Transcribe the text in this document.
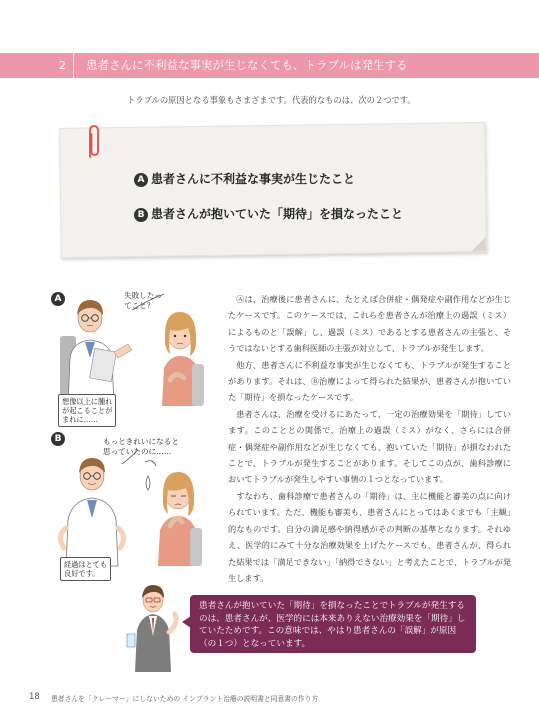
2	患者さんに不利益な事実が生じなくても、トラブルは発生する
トラブルの原因となる事象もさまざまです。代表的なものは、次の２つです。
A 患者さんに不利益な事実が生じたこと
B 患者さんが抱いていた「期待」を損なったこと
A	失敗したっ
てこと？
想像以上に腫れ
が起こることが
まれに……
B	もっときれいになると
思っていたのに……
経過はとても
良好です。

Ⓐは、治療後に患者さんに、たとえば合併症・偶発症や副作用などが生じたケースです。このケースでは、これらを患者さんが治療上の過誤（ミス）によるものと「誤解」し、過誤（ミス）であるとする患者さんの主張と、そうではないとする歯科医師の主張が対立して、トラブルが発生します。

他方、患者さんに不利益な事実が生じなくても、トラブルが発生することがあります。それは、Ⓑ治療によって得られた結果が、患者さんが抱いていた「期待」を損なったケースです。

患者さんは、治療を受けるにあたって、一定の治療効果を「期待」しています。このこととの関係で、治療上の過誤（ミス）がなく、さらには合併症・偶発症や副作用などが生じなくても、抱いていた「期待」が損なわれたことで、トラブルが発生することがあります。そしてこの点が、歯科診療においてトラブルが発生しやすい事情の１つとなっています。

すなわち、歯科診療で患者さんの「期待」は、主に機能と審美の点に向けられています。ただ、機能も審美も、患者さんにとってはあくまでも「主観」的なものです。自分の満足感や納得感がその判断の基準となります。それゆえ、医学的にみて十分な治療効果を上げたケースでも、患者さんが、得られた結果では「満足できない」「納得できない」と考えたことで、トラブルが発生します。

患者さんが抱いていた「期待」を損なったことでトラブルが発生するのは、患者さんが、医学的には本来ありえない治療効果を「期待」していたためです。この意味では、やはり患者さんの「誤解」が原因（の１つ）となっています。
18 患者さんを「クレーマー」にしないための インプラント治療の説明書と同意書の作り方
